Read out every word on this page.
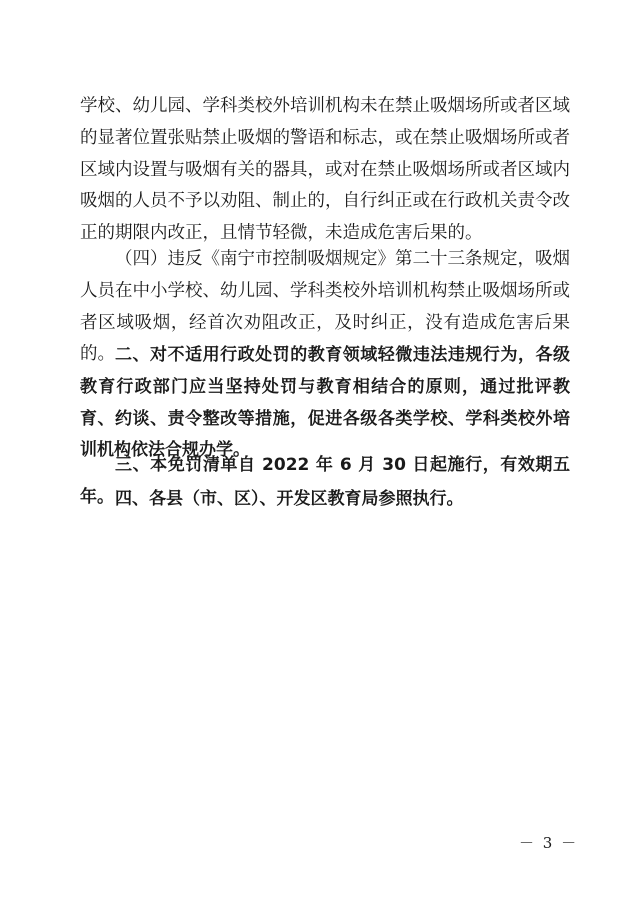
学校、幼儿园、学科类校外培训机构未在禁止吸烟场所或者区域的显著位置张贴禁止吸烟的警语和标志，或在禁止吸烟场所或者区域内设置与吸烟有关的器具，或对在禁止吸烟场所或者区域内吸烟的人员不予以劝阻、制止的，自行纠正或在行政机关责令改正的期限内改正，且情节轻微，未造成危害后果的。

（四）违反《南宁市控制吸烟规定》第二十三条规定，吸烟人员在中小学校、幼儿园、学科类校外培训机构禁止吸烟场所或者区域吸烟，经首次劝阻改正，及时纠正，没有造成危害后果的。 二、对不适用行政处罚的教育领域轻微违法违规行为，各级教育行政部门应当坚持处罚与教育相结合的原则，通过批评教育、约谈、责令整改等措施，促进各级各类学校、学科类校外培训机构依法合规办学。

三、本免罚清单自 2022 年 6 月 30 日起施行，有效期五年。 四、各县（市、区）、开发区教育局参照执行。

－ 3 －
